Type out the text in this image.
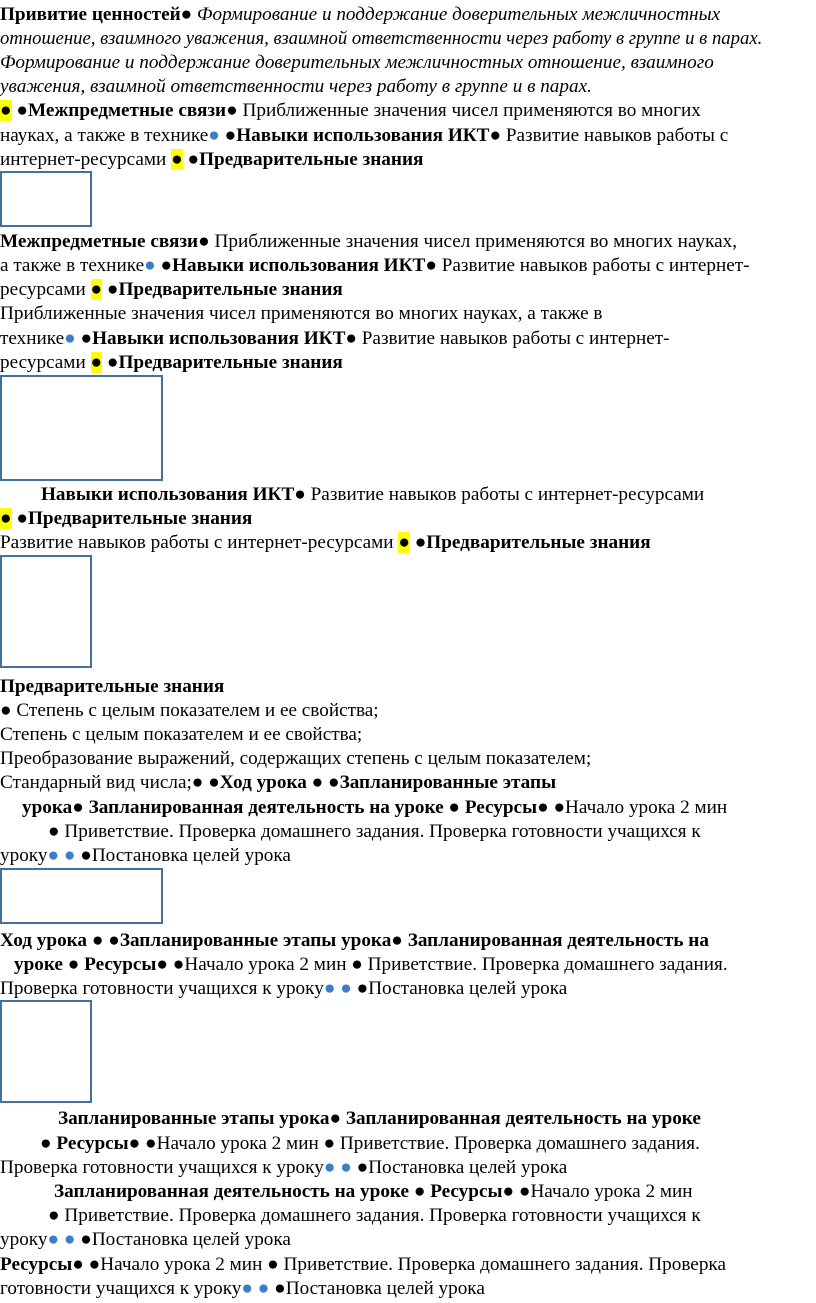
Привитие ценностей● Формирование и поддержание доверительных межличностных
отношение, взаимного уважения, взаимной ответственности через работу в группе и в парах.
Формирование и поддержание доверительных межличностных отношение, взаимного
уважения, взаимной ответственности через работу в группе и в парах.
● ●Межпредметные связи● Приближенные значения чисел применяются во многих
науках, а также в технике● ●Навыки использования ИКТ● Развитие навыков работы с
интернет-ресурсами ● ●Предварительные знания
Межпредметные связи● Приближенные значения чисел применяются во многих науках,
а также в технике● ●Навыки использования ИКТ● Развитие навыков работы с интернет-
ресурсами ● ●Предварительные знания
Приближенные значения чисел применяются во многих науках, а также в
технике● ●Навыки использования ИКТ● Развитие навыков работы с интернет-
ресурсами ● ●Предварительные знания
Навыки использования ИКТ● Развитие навыков работы с интернет-ресурсами
● ●Предварительные знания
Развитие навыков работы с интернет-ресурсами ● ●Предварительные знания
Предварительные знания
● Степень с целым показателем и ее свойства;
Степень с целым показателем и ее свойства;
Преобразование выражений, содержащих степень с целым показателем;
Стандарный вид числа;● ●Ход урока ● ●Запланированные этапы
урока● Запланированная деятельность на уроке ● Ресурсы● ●Начало урока 2 мин
● Приветствие. Проверка домашнего задания. Проверка готовности учащихся к
уроку● ● ●Постановка целей урока
Ход урока ● ●Запланированные этапы урока● Запланированная деятельность на
уроке ● Ресурсы● ●Начало урока 2 мин ● Приветствие. Проверка домашнего задания.
Проверка готовности учащихся к уроку● ● ●Постановка целей урока
Запланированные этапы урока● Запланированная деятельность на уроке
● Ресурсы● ●Начало урока 2 мин ● Приветствие. Проверка домашнего задания.
Проверка готовности учащихся к уроку● ● ●Постановка целей урока
Запланированная деятельность на уроке ● Ресурсы● ●Начало урока 2 мин
● Приветствие. Проверка домашнего задания. Проверка готовности учащихся к
уроку● ● ●Постановка целей урока
Ресурсы● ●Начало урока 2 мин ● Приветствие. Проверка домашнего задания. Проверка
готовности учащихся к уроку● ● ●Постановка целей урока
